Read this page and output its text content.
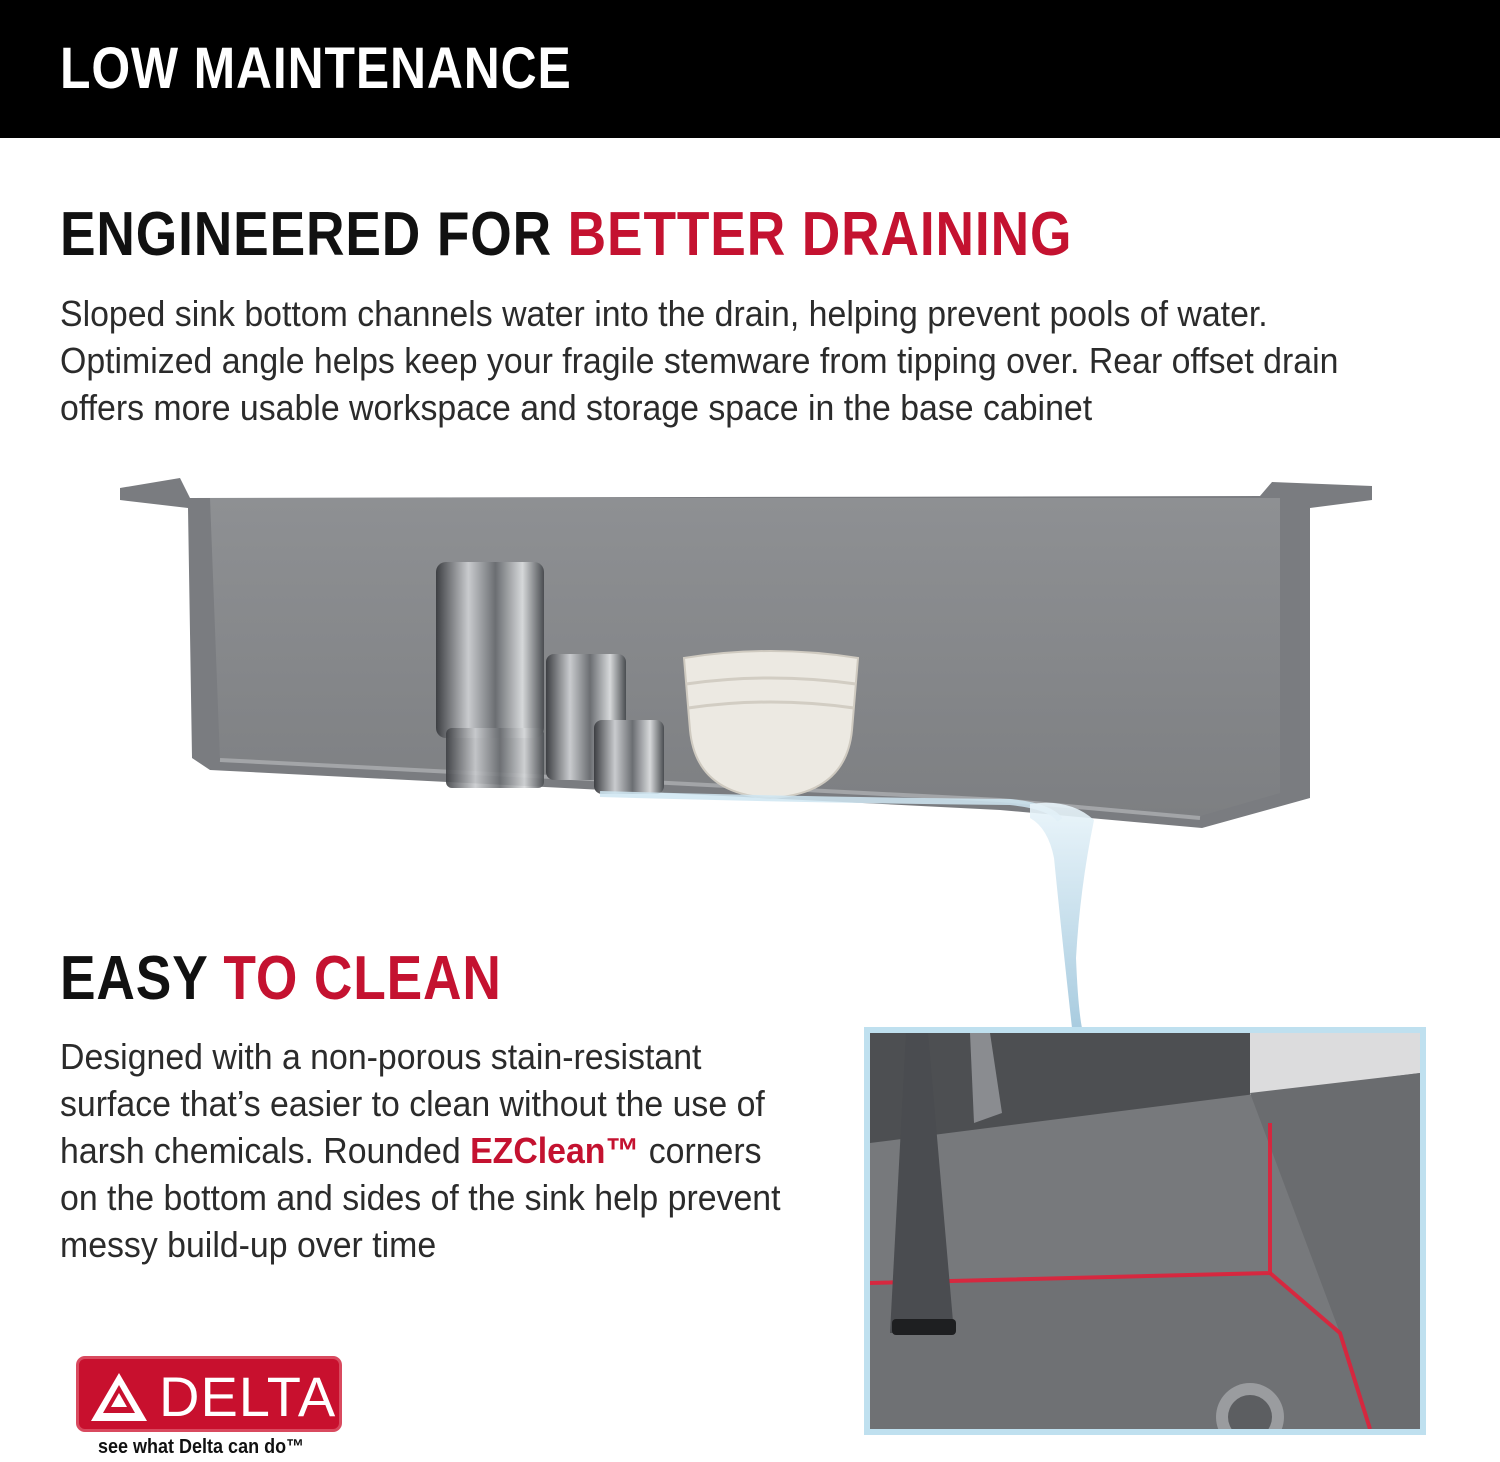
LOW MAINTENANCE
ENGINEERED FOR BETTER DRAINING

Sloped sink bottom channels water into the drain, helping prevent pools of water. Optimized angle helps keep your fragile stemware from tipping over. Rear offset drain offers more usable workspace and storage space in the base cabinet

EASY TO CLEAN

Designed with a non-porous stain-resistant surface that’s easier to clean without the use of harsh chemicals. Rounded EZClean™ corners on the bottom and sides of the sink help prevent messy build-up over time

DELTA

see what Delta can do™
